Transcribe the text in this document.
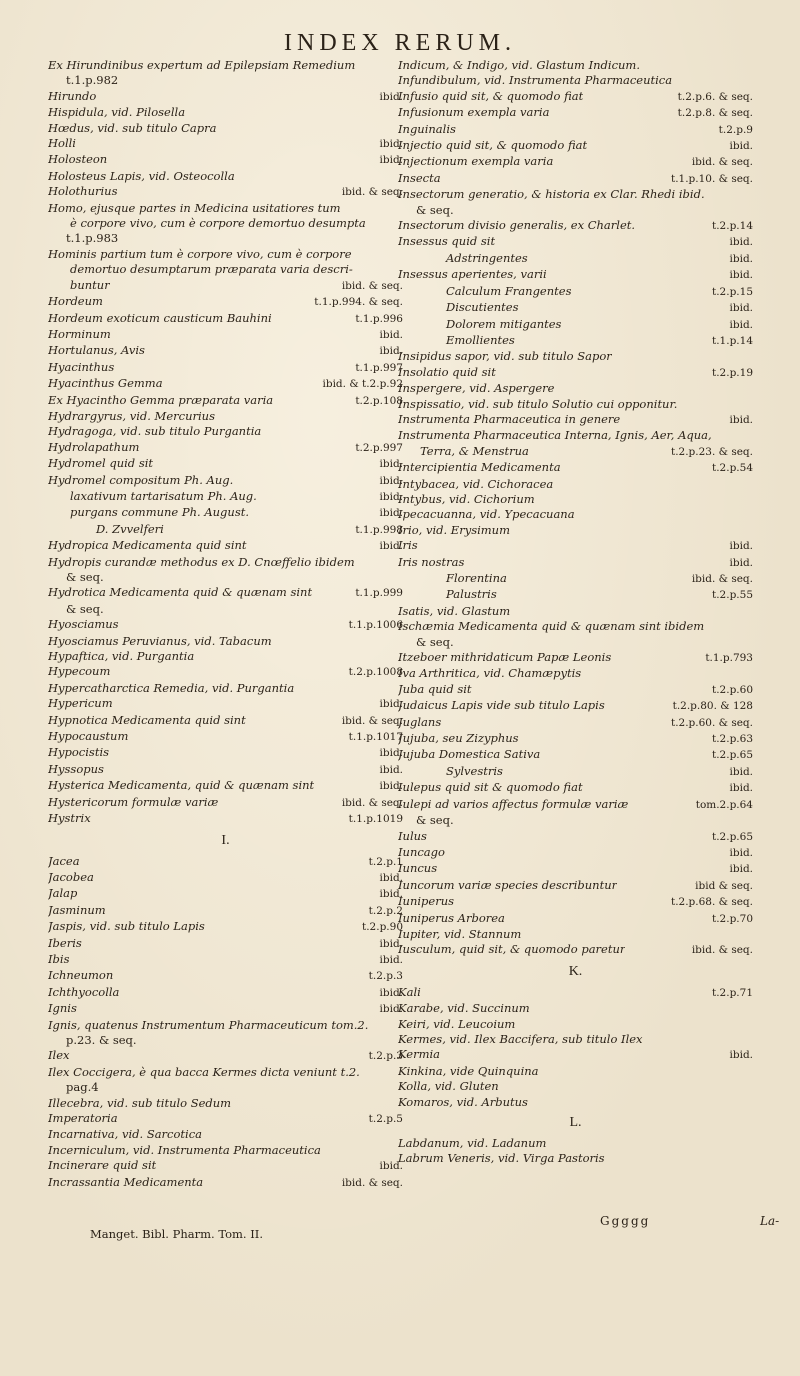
INDEX RERUM.
Ex Hirundinibus expertum ad Epilepsiam Remedium
t.1.p.982
Hirundo	ibid.
Hispidula, vid. Pilosella
Hœdus, vid. sub titulo Capra
Holli	ibid.
Holosteon	ibid.
Holosteus Lapis, vid. Osteocolla
Holothurius	ibid. & seq.
Homo, ejusque partes in Medicina usitatiores tum
è corpore vivo, cum è corpore demortuo desumpta
t.1.p.983
Hominis partium tum è corpore vivo, cum è corpore
demortuo desumptarum præparata varia descri-
buntur	ibid. & seq.
Hordeum	t.1.p.994. & seq.
Hordeum exoticum causticum Bauhini	t.1.p.996
Horminum	ibid.
Hortulanus, Avis	ibid.
Hyacinthus	t.1.p.997
Hyacinthus Gemma	ibid. & t.2.p.92
Ex Hyacintho Gemma præparata varia	t.2.p.108
Hydrargyrus, vid. Mercurius
Hydragoga, vid. sub titulo Purgantia
Hydrolapathum	t.2.p.997
Hydromel quid sit	ibid.
Hydromel compositum Ph. Aug.	ibid.
laxativum tartarisatum Ph. Aug.	ibid.
purgans commune Ph. August.	ibid.
D. Zvvelferi	t.1.p.998
Hydropica Medicamenta quid sint	ibid.
Hydropis curandæ methodus ex D. Cnœffelio ibidem
& seq.
Hydrotica Medicamenta quid & quænam sint	t.1.p.999
& seq.
Hyosciamus	t.1.p.1006
Hyosciamus Peruvianus, vid. Tabacum
Hypaftica, vid. Purgantia
Hypecoum	t.2.p.1008
Hypercatharctica Remedia, vid. Purgantia
Hypericum	ibid.
Hypnotica Medicamenta quid sint	ibid. & seq.
Hypocaustum	t.1.p.1017
Hypocistis	ibid.
Hyssopus	ibid.
Hysterica Medicamenta, quid & quænam sint	ibid.
Hystericorum formulæ variæ	ibid. & seq.
Hystrix	t.1.p.1019
I.
Jacea	t.2.p.1
Jacobea	ibid.
Jalap	ibid.
Jasminum	t.2.p.2
Jaspis, vid. sub titulo Lapis	t.2.p.90
Iberis	ibid.
Ibis	ibid.
Ichneumon	t.2.p.3
Ichthyocolla	ibid.
Ignis	ibid.
Ignis, quatenus Instrumentum Pharmaceuticum tom.2.
p.23. & seq.
Ilex	t.2.p.3
Ilex Coccigera, è qua bacca Kermes dicta veniunt t.2.
pag.4
Illecebra, vid. sub titulo Sedum
Imperatoria	t.2.p.5
Incarnativa, vid. Sarcotica
Incerniculum, vid. Instrumenta Pharmaceutica
Incinerare quid sit	ibid.
Incrassantia Medicamenta	ibid. & seq.
Indicum, & Indigo, vid. Glastum Indicum.
Infundibulum, vid. Instrumenta Pharmaceutica
Infusio quid sit, & quomodo fiat	t.2.p.6. & seq.
Infusionum exempla varia	t.2.p.8. & seq.
Inguinalis	t.2.p.9
Injectio quid sit, & quomodo fiat	ibid.
Injectionum exempla varia	ibid. & seq.
Insecta	t.1.p.10. & seq.
Insectorum generatio, & historia ex Clar. Rhedi ibid.
& seq.
Insectorum divisio generalis, ex Charlet.	t.2.p.14
Insessus quid sit	ibid.
Adstringentes	ibid.
Insessus aperientes, varii	ibid.
Calculum Frangentes	t.2.p.15
Discutientes	ibid.
Dolorem mitigantes	ibid.
Emollientes	t.1.p.14
Insipidus sapor, vid. sub titulo Sapor
Insolatio quid sit	t.2.p.19
Inspergere, vid. Aspergere
Inspissatio, vid. sub titulo Solutio cui opponitur.
Instrumenta Pharmaceutica in genere	ibid.
Instrumenta Pharmaceutica Interna, Ignis, Aer, Aqua,
Terra, & Menstrua	t.2.p.23. & seq.
Intercipientia Medicamenta	t.2.p.54
Intybacea, vid. Cichoracea
Intybus, vid. Cichorium
Ipecacuanna, vid. Ypecacuana
Irio, vid. Erysimum
Iris	ibid.
Iris nostras	ibid.
Florentina	ibid. & seq.
Palustris	t.2.p.55
Isatis, vid. Glastum
Ischæmia Medicamenta quid & quænam sint ibidem
& seq.
Itzeboer mithridaticum Papæ Leonis	t.1.p.793
Iva Arthritica, vid. Chamæpytis
Juba quid sit	t.2.p.60
Judaicus Lapis vide sub titulo Lapis	t.2.p.80. & 128
Juglans	t.2.p.60. & seq.
Jujuba, seu Zizyphus	t.2.p.63
Jujuba Domestica Sativa	t.2.p.65
Sylvestris	ibid.
Iulepus quid sit & quomodo fiat	ibid.
Iulepi ad varios affectus formulæ variæ	tom.2.p.64
& seq.
Iulus	t.2.p.65
Iuncago	ibid.
Iuncus	ibid.
Iuncorum variæ species describuntur	ibid & seq.
Iuniperus	t.2.p.68. & seq.
Iuniperus Arborea	t.2.p.70
Iupiter, vid. Stannum
Iusculum, quid sit, & quomodo paretur	ibid. & seq.
K.
Kali	t.2.p.71
Karabe, vid. Succinum
Keiri, vid. Leucoium
Kermes, vid. Ilex Baccifera, sub titulo Ilex
Kermia	ibid.
Kinkina, vide Quinquina
Kolla, vid. Gluten
Komaros, vid. Arbutus
L.
Labdanum, vid. Ladanum
Labrum Veneris, vid. Virga Pastoris
Manget. Bibl. Pharm. Tom. II.
Ggggg	La-
